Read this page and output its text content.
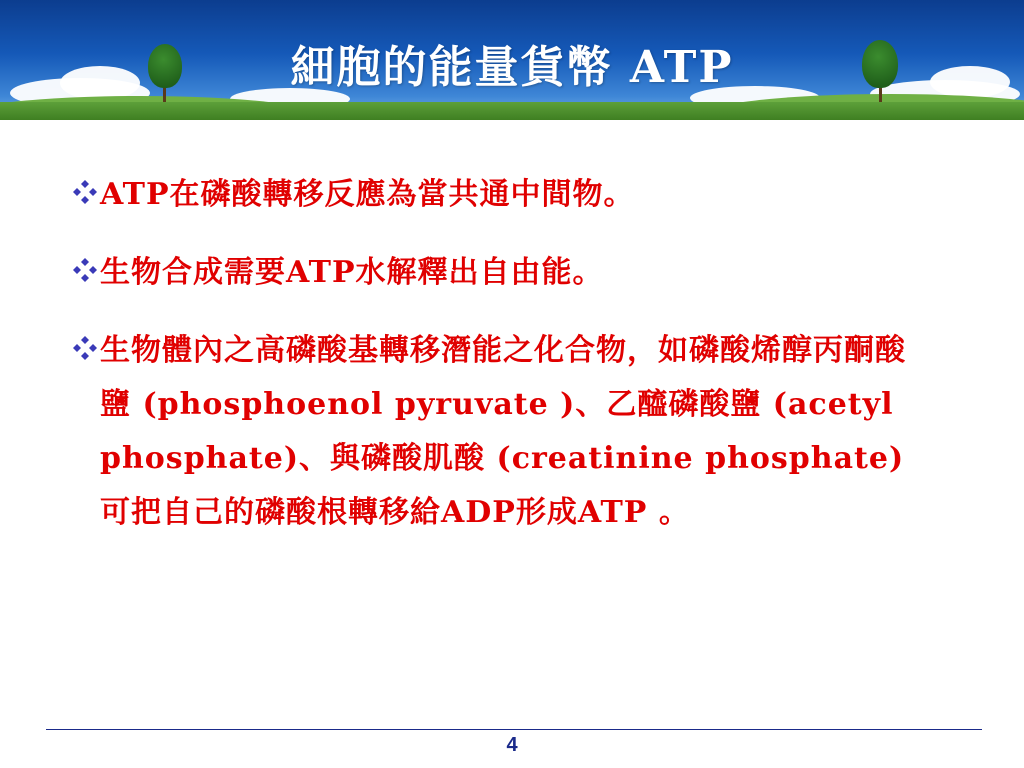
細胞的能量貨幣 ATP
ATP在磷酸轉移反應為當共通中間物。
生物合成需要ATP水解釋出自由能。
生物體內之高磷酸基轉移潛能之化合物，如磷酸烯醇丙酮酸鹽 (phosphoenol pyruvate )、乙醯磷酸鹽 (acetyl phosphate)、與磷酸肌酸 (creatinine phosphate)可把自己的磷酸根轉移給ADP形成ATP 。
4
